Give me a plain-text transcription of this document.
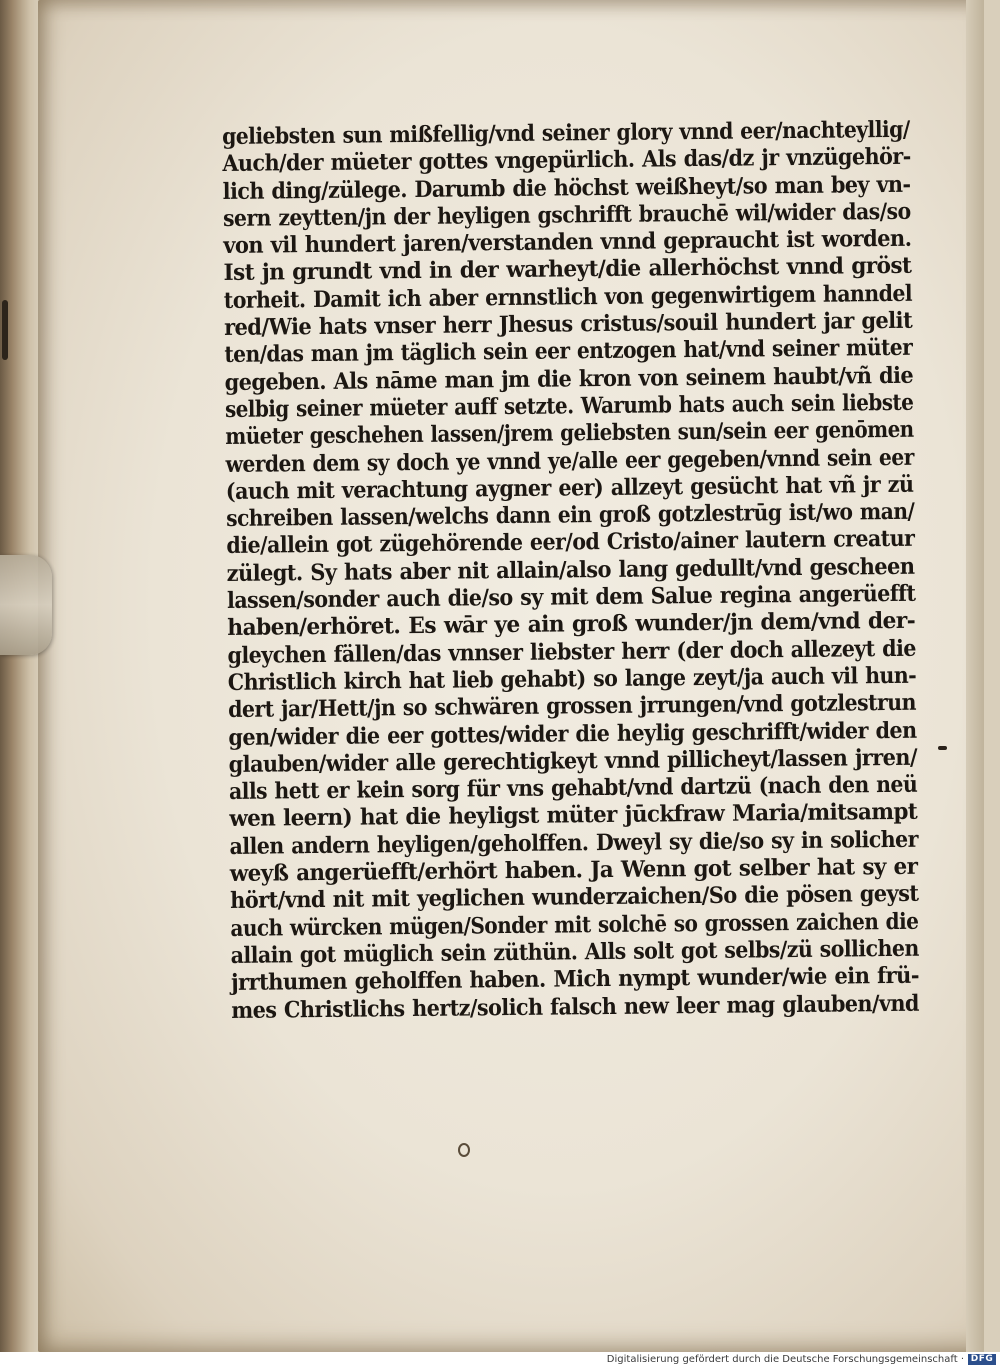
geliebsten sun mißfellig/vnd seiner glory vnnd eer/nachteyllig/
Auch/der müeter gottes vngepürlich. Als das/dz jr vnzügehör-
lich ding/zülege. Darumb die höchst weißheyt/so man bey vn-
sern zeytten/jn der heyligen gschrifft brauchē wil/wider das/so
von vil hundert jaren/verstanden vnnd gepraucht ist worden.
Ist jn grundt vnd in der warheyt/die allerhöchst vnnd gröst
torheit. Damit ich aber ernnstlich von gegenwirtigem hanndel
red/Wie hats vnser herr Jhesus cristus/souil hundert jar gelit
ten/das man jm täglich sein eer entzogen hat/vnd seiner müter
gegeben. Als nāme man jm die kron von seinem haubt/vñ die
selbig seiner müeter auff setzte. Warumb hats auch sein liebste
müeter geschehen lassen/jrem geliebsten sun/sein eer genōmen
werden dem sy doch ye vnnd ye/alle eer gegeben/vnnd sein eer
(auch mit verachtung aygner eer) allzeyt gesücht hat vñ jr zü
schreiben lassen/welchs dann ein groß gotzlestrūg ist/wo man/
die/allein got zügehörende eer/od Cristo/ainer lautern creatur
zülegt. Sy hats aber nit allain/also lang gedullt/vnd gescheen
lassen/sonder auch die/so sy mit dem Salue regina angerüefft
haben/erhöret. Es wār ye ain groß wunder/jn dem/vnd der-
gleychen fällen/das vnnser liebster herr (der doch allezeyt die
Christlich kirch hat lieb gehabt) so lange zeyt/ja auch vil hun-
dert jar/Hett/jn so schwären grossen jrrungen/vnd gotzlestrun
gen/wider die eer gottes/wider die heylig geschrifft/wider den
glauben/wider alle gerechtigkeyt vnnd pillicheyt/lassen jrren/
alls hett er kein sorg für vns gehabt/vnd dartzü (nach den neü
wen leern) hat die heyligst müter jūckfraw Maria/mitsampt
allen andern heyligen/geholffen. Dweyl sy die/so sy in solicher
weyß angerüefft/erhört haben. Ja Wenn got selber hat sy er
hört/vnd nit mit yeglichen wunderzaichen/So die pösen geyst
auch würcken mügen/Sonder mit solchē so grossen zaichen die
allain got müglich sein züthün. Alls solt got selbs/zü sollichen
jrrthumen geholffen haben. Mich nympt wunder/wie ein frü-
mes Christlichs hertz/solich falsch new leer mag glauben/vnd
Digitalisierung gefördert durch die Deutsche Forschungsgemeinschaft · DFG
